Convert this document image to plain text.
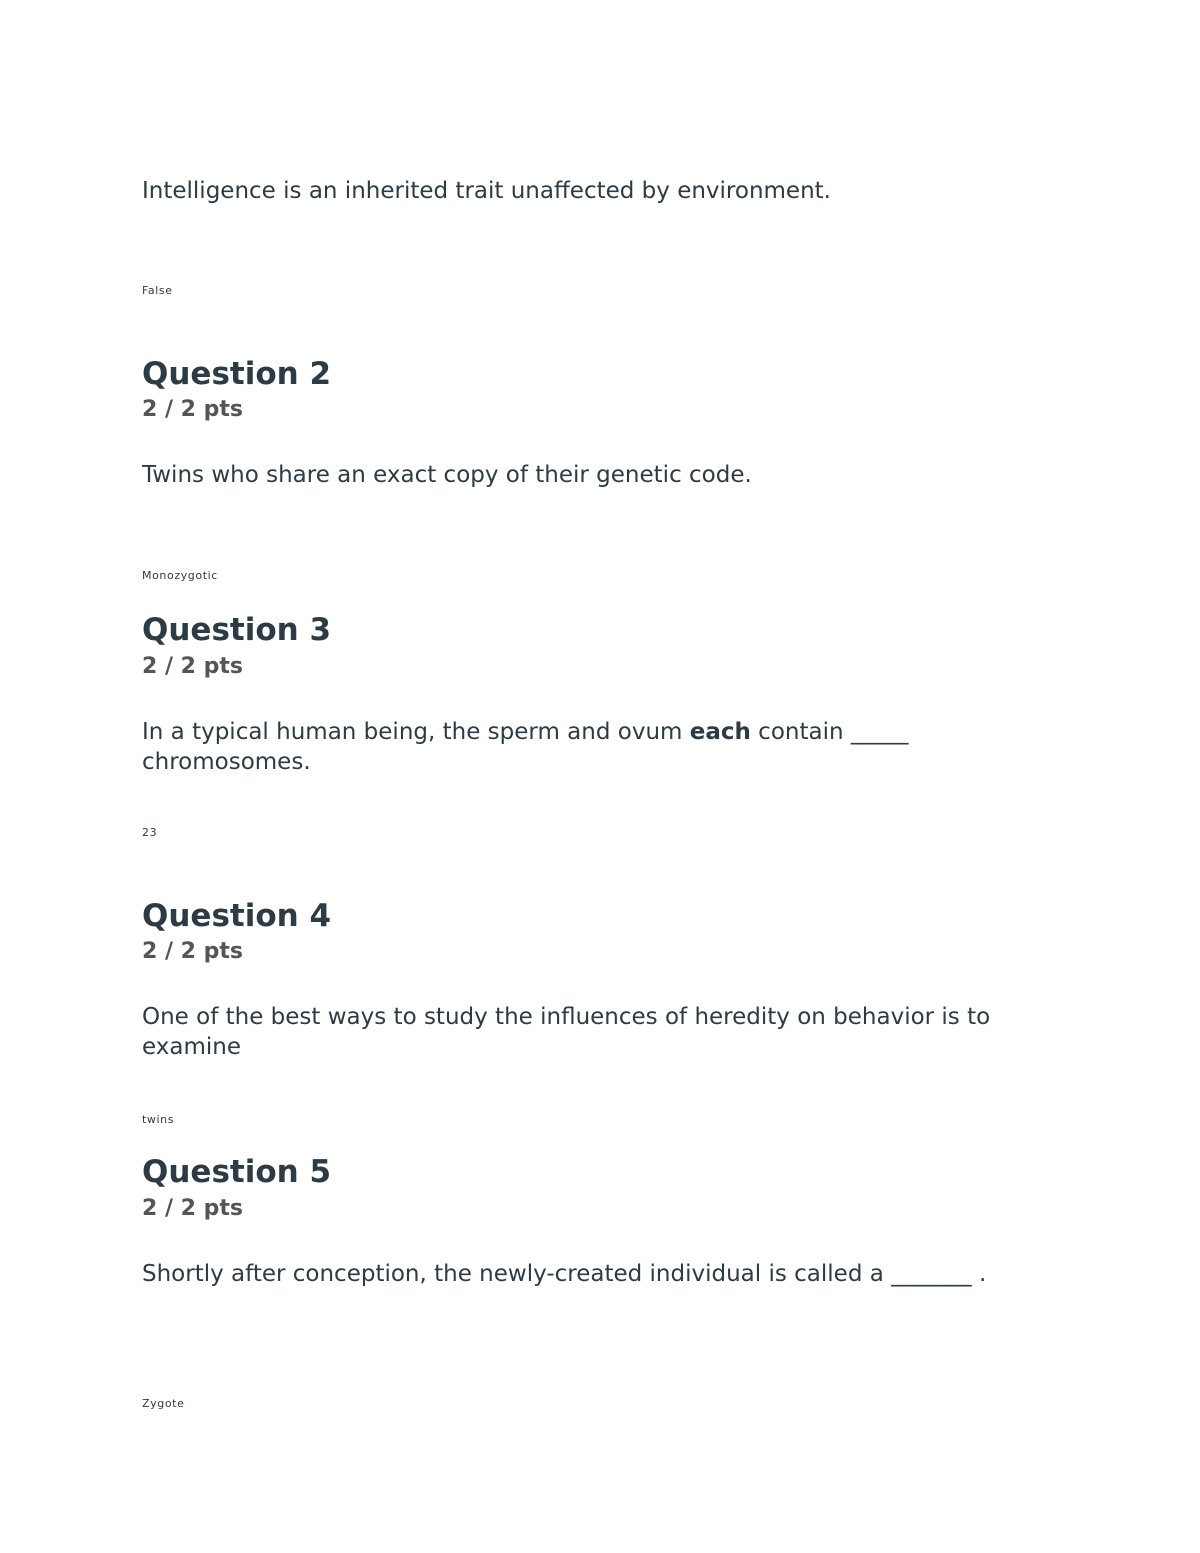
Intelligence is an inherited trait unaffected by environment.
False
Question 2
2 / 2 pts
Twins who share an exact copy of their genetic code.
Monozygotic
Question 3
2 / 2 pts
In a typical human being, the sperm and ovum each contain _____
chromosomes.
23
Question 4
2 / 2 pts
One of the best ways to study the influences of heredity on behavior is to
examine
twins
Question 5
2 / 2 pts
Shortly after conception, the newly-created individual is called a _______ .
Zygote
